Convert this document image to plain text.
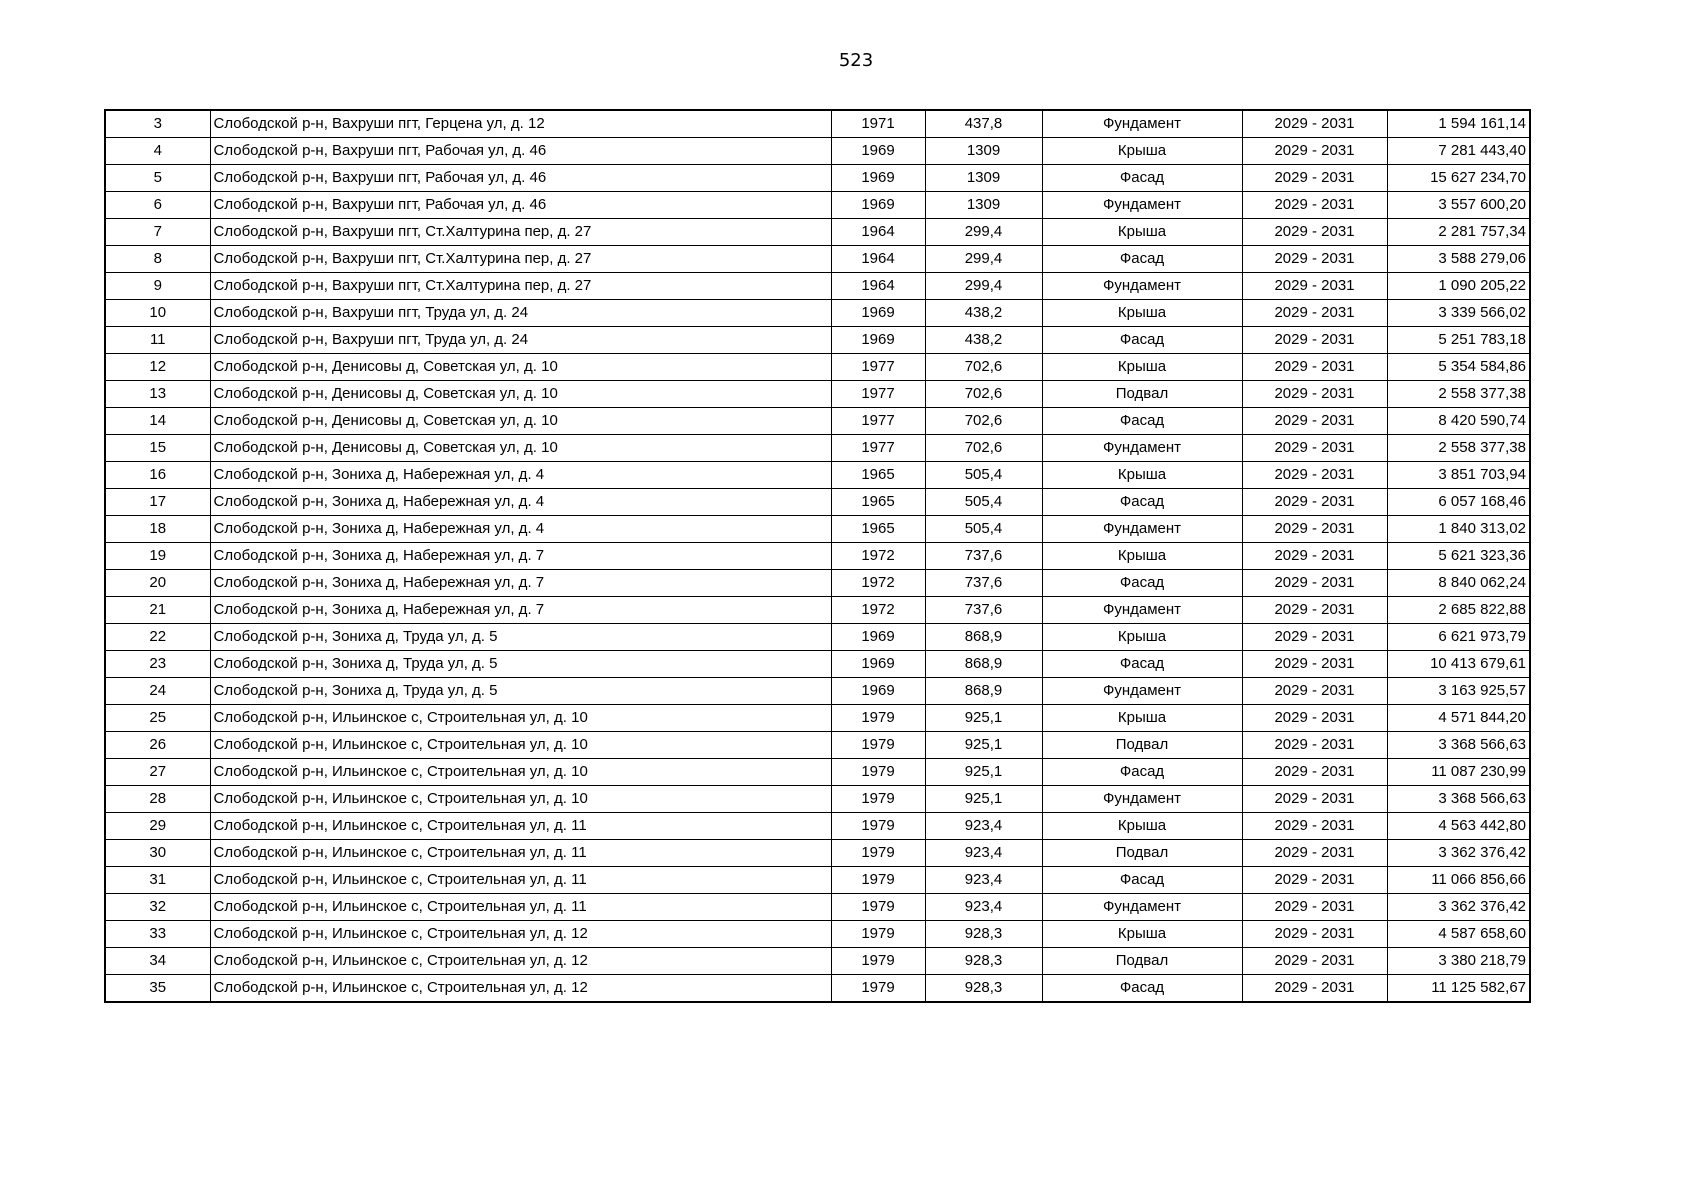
523
3	Слободской р-н, Вахруши пгт, Герцена ул, д. 12	1971	437,8	Фундамент	2029 - 2031	1 594 161,14
4	Слободской р-н, Вахруши пгт, Рабочая ул, д. 46	1969	1309	Крыша	2029 - 2031	7 281 443,40
5	Слободской р-н, Вахруши пгт, Рабочая ул, д. 46	1969	1309	Фасад	2029 - 2031	15 627 234,70
6	Слободской р-н, Вахруши пгт, Рабочая ул, д. 46	1969	1309	Фундамент	2029 - 2031	3 557 600,20
7	Слободской р-н, Вахруши пгт, Ст.Халтурина пер, д. 27	1964	299,4	Крыша	2029 - 2031	2 281 757,34
8	Слободской р-н, Вахруши пгт, Ст.Халтурина пер, д. 27	1964	299,4	Фасад	2029 - 2031	3 588 279,06
9	Слободской р-н, Вахруши пгт, Ст.Халтурина пер, д. 27	1964	299,4	Фундамент	2029 - 2031	1 090 205,22
10	Слободской р-н, Вахруши пгт, Труда ул, д. 24	1969	438,2	Крыша	2029 - 2031	3 339 566,02
11	Слободской р-н, Вахруши пгт, Труда ул, д. 24	1969	438,2	Фасад	2029 - 2031	5 251 783,18
12	Слободской р-н, Денисовы д, Советская ул, д. 10	1977	702,6	Крыша	2029 - 2031	5 354 584,86
13	Слободской р-н, Денисовы д, Советская ул, д. 10	1977	702,6	Подвал	2029 - 2031	2 558 377,38
14	Слободской р-н, Денисовы д, Советская ул, д. 10	1977	702,6	Фасад	2029 - 2031	8 420 590,74
15	Слободской р-н, Денисовы д, Советская ул, д. 10	1977	702,6	Фундамент	2029 - 2031	2 558 377,38
16	Слободской р-н, Зониха д, Набережная ул, д. 4	1965	505,4	Крыша	2029 - 2031	3 851 703,94
17	Слободской р-н, Зониха д, Набережная ул, д. 4	1965	505,4	Фасад	2029 - 2031	6 057 168,46
18	Слободской р-н, Зониха д, Набережная ул, д. 4	1965	505,4	Фундамент	2029 - 2031	1 840 313,02
19	Слободской р-н, Зониха д, Набережная ул, д. 7	1972	737,6	Крыша	2029 - 2031	5 621 323,36
20	Слободской р-н, Зониха д, Набережная ул, д. 7	1972	737,6	Фасад	2029 - 2031	8 840 062,24
21	Слободской р-н, Зониха д, Набережная ул, д. 7	1972	737,6	Фундамент	2029 - 2031	2 685 822,88
22	Слободской р-н, Зониха д, Труда ул, д. 5	1969	868,9	Крыша	2029 - 2031	6 621 973,79
23	Слободской р-н, Зониха д, Труда ул, д. 5	1969	868,9	Фасад	2029 - 2031	10 413 679,61
24	Слободской р-н, Зониха д, Труда ул, д. 5	1969	868,9	Фундамент	2029 - 2031	3 163 925,57
25	Слободской р-н, Ильинское с, Строительная ул, д. 10	1979	925,1	Крыша	2029 - 2031	4 571 844,20
26	Слободской р-н, Ильинское с, Строительная ул, д. 10	1979	925,1	Подвал	2029 - 2031	3 368 566,63
27	Слободской р-н, Ильинское с, Строительная ул, д. 10	1979	925,1	Фасад	2029 - 2031	11 087 230,99
28	Слободской р-н, Ильинское с, Строительная ул, д. 10	1979	925,1	Фундамент	2029 - 2031	3 368 566,63
29	Слободской р-н, Ильинское с, Строительная ул, д. 11	1979	923,4	Крыша	2029 - 2031	4 563 442,80
30	Слободской р-н, Ильинское с, Строительная ул, д. 11	1979	923,4	Подвал	2029 - 2031	3 362 376,42
31	Слободской р-н, Ильинское с, Строительная ул, д. 11	1979	923,4	Фасад	2029 - 2031	11 066 856,66
32	Слободской р-н, Ильинское с, Строительная ул, д. 11	1979	923,4	Фундамент	2029 - 2031	3 362 376,42
33	Слободской р-н, Ильинское с, Строительная ул, д. 12	1979	928,3	Крыша	2029 - 2031	4 587 658,60
34	Слободской р-н, Ильинское с, Строительная ул, д. 12	1979	928,3	Подвал	2029 - 2031	3 380 218,79
35	Слободской р-н, Ильинское с, Строительная ул, д. 12	1979	928,3	Фасад	2029 - 2031	11 125 582,67
